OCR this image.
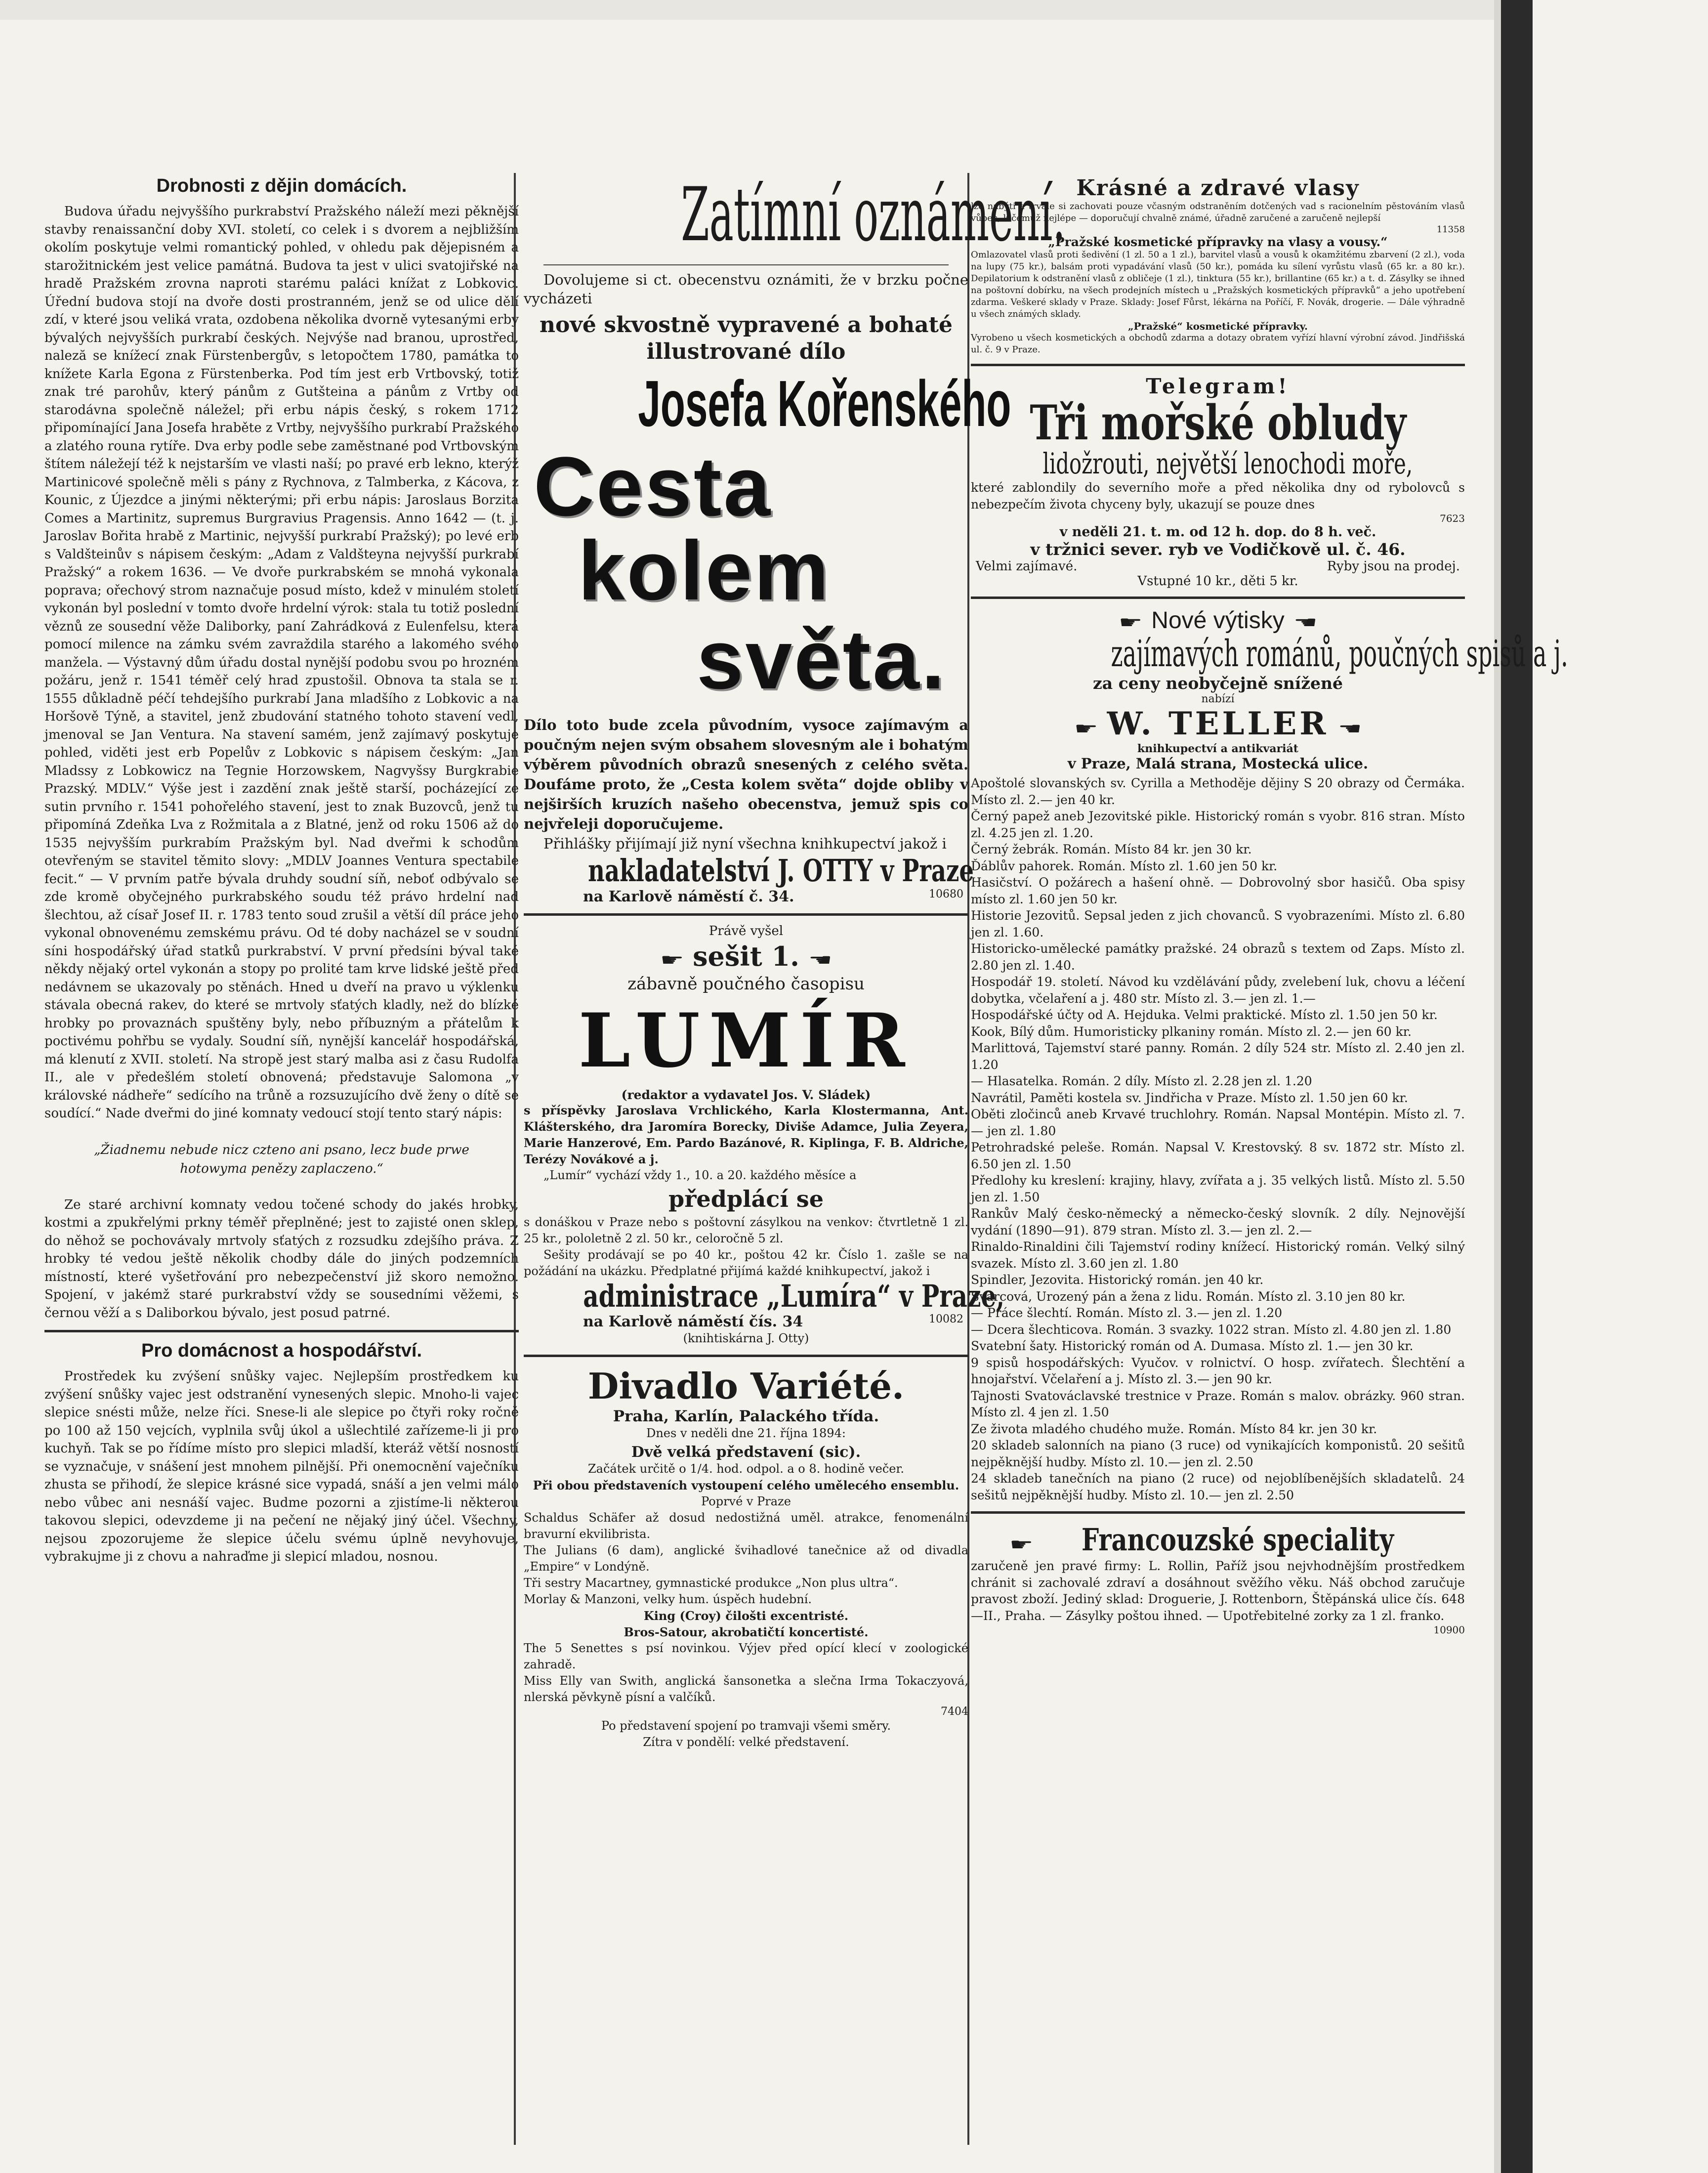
Drobnosti z dějin domácích.

Budova úřadu nejvyššího purkrabství Pražského náleží mezi pěknější stavby renaissanční doby XVI. století, co celek i s dvorem a nejbližším okolím poskytuje velmi romantický pohled, v ohledu pak dějepisném a starožitnickém jest velice památná. Budova ta jest v ulici svatojiřské na hradě Pražském zrovna naproti starému paláci knížat z Lobkovic. Úřední budova stojí na dvoře dosti prostranném, jenž se od ulice dělí zdí, v které jsou veliká vrata, ozdobena několika dvorně vytesanými erby bývalých nejvyšších purkrabí českých. Nejvýše nad branou, uprostřed, naleză se knížecí znak Fürstenbergův, s letopočtem 1780, památka to knížete Karla Egona z Fürstenberka. Pod tím jest erb Vrtbovský, totiž znak tré parohův, který pánům z Gutšteina a pánům z Vrtby od starodávna společně náležel; při erbu nápis český, s rokem 1712 připomínající Jana Josefa hraběte z Vrtby, nejvyššího purkrabí Pražského a zlatého rouna rytíře. Dva erby podle sebe zaměstnané pod Vrtbovským štítem náležejí též k nejstarším ve vlasti naší; po pravé erb lekno, kterýž Martinicové společně měli s pány z Rychnova, z Talmberka, z Kácova, z Kounic, z Újezdce a jinými některými; při erbu nápis: Jaroslaus Borzita Comes a Martinitz, supremus Burgravius Pragensis. Anno 1642 — (t. j. Jaroslav Bořita hrabě z Martinic, nejvyšší purkrabí Pražský); po levé erb s Valdšteinův s nápisem českým: „Adam z Valdšteyna nejvyšší purkrabí Pražský“ a rokem 1636. — Ve dvoře purkrabském se mnohá vykonala poprava; ořechový strom naznačuje posud místo, kdež v minulém století vykonán byl poslední v tomto dvoře hrdelní výrok: stala tu totiž poslední věznů ze sousední věže Daliborky, paní Zahrádková z Eulenfelsu, která pomocí milence na zámku svém zavraždila starého a lakomého svého manžela. — Výstavný dům úřadu dostal nynější podobu svou po hrozném požáru, jenž r. 1541 téměř celý hrad zpustošil. Obnova ta stala se r. 1555 důkladně péčí tehdejšího purkrabí Jana mladšího z Lobkovic a na Horšově Týně, a stavitel, jenž zbudování statného tohoto stavení vedl, jmenoval se Jan Ventura. Na stavení samém, jenž zajímavý poskytuje pohled, viděti jest erb Popelův z Lobkovic s nápisem českým: „Jan Mladssy z Lobkowicz na Tegnie Horzowskem, Nagvyšsy Burgkrabie Prazský. MDLV.“ Výše jest i zazdění znak ještě starší, pocházející ze sutin prvního r. 1541 pohořelého stavení, jest to znak Buzovců, jenž tu připomíná Zdeňka Lva z Rožmitala a z Blatné, jenž od roku 1506 až do 1535 nejvyšším purkrabím Pražským byl. Nad dveřmi k schodům otevřeným se stavitel těmito slovy: „MDLV Joannes Ventura spectabile fecit.“ — V prvním patře bývala druhdy soudní síň, neboť odbývalo se zde kromě obyčejného purkrabského soudu též právo hrdelní nad šlechtou, až císař Josef II. r. 1783 tento soud zrušil a větší díl práce jeho vykonal obnovenému zemskému právu. Od té doby nacházel se v soudní síni hospodářský úřad statků purkrabství. V první předsíni býval také někdy nějaký ortel vykonán a stopy po prolité tam krve lidské ještě před nedávnem se ukazovaly po stěnách. Hned u dveří na pravo u výklenku stávala obecná rakev, do které se mrtvoly sťatých kladly, než do blízké hrobky po provaznách spuštěny byly, nebo příbuzným a přátelům k poctivému pohřbu se vydaly. Soudní síň, nynější kancelář hospodářská, má klenutí z XVII. století. Na stropě jest starý malba asi z času Rudolfa II., ale v předešlém století obnovená; představuje Salomona „v královské nádheře“ sedícího na trůně a rozsuzujícího dvě ženy o dítě se soudící.“ Nade dveřmi do jiné komnaty vedoucí stojí tento starý nápis:

„Žiadnemu nebude nicz czteno ani psano, lecz bude prwe hotowyma penězy zaplaczeno.“

Ze staré archivní komnaty vedou točené schody do jakés hrobky, kostmi a zpukřelými prkny téměř přeplněné; jest to zajisté onen sklep, do něhož se pochovávaly mrtvoly sťatých z rozsudku zdejšího práva. Z hrobky té vedou ještě několik chodby dále do jiných podzemních místností, které vyšetřování pro nebezpečenství již skoro nemožno. Spojení, v jakémž staré purkrabství vždy se sousedními věžemi, s černou věží a s Daliborkou bývalo, jest posud patrné.

Pro domácnost a hospodářství.

Prostředek ku zvýšení snůšky vajec. Nejlepším prostředkem ku zvýšení snůšky vajec jest odstranění vynesených slepic. Mnoho-li vajec slepice snésti může, nelze říci. Snese-li ale slepice po čtyři roky ročně po 100 až 150 vejcích, vyplnila svůj úkol a ušlechtilé zařízeme-li ji pro kuchyň. Tak se po řídíme místo pro slepici mladší, kteráž větší nosností se vyznačuje, v snášení jest mnohem pilnější. Při onemocnění vaječníku zhusta se přihodí, že slepice krásné sice vypadá, snáší a jen velmi málo nebo vůbec ani nesnáší vajec. Budme pozorni a zjistíme-li některou takovou slepici, odevzdeme ji na pečení ne nějaký jiný účel. Všechny, nejsou zpozorujeme že slepice účelu svému úplně nevyhovuje, vybrakujme ji z chovu a nahraďme ji slepicí mladou, nosnou.

Zatímní oznámení.

Dovolujeme si ct. obecenstvu oznámiti, že v brzku počne vycházeti

nové skvostně vypravené a bohaté illustrované dílo

Josefa Kořenského
Cesta
kolem
světa.

Dílo toto bude zcela původním, vysoce zajímavým a poučným nejen svým obsahem slovesným ale i bohatým výběrem původních obrazů snesených z celého světa. Doufáme proto, že „Cesta kolem světa“ dojde obliby v nejširších kruzích našeho obecenstva, jemuž spis co nejvřeleji doporučujeme.

Přihlášky přijímají již nyní všechna knihkupectví jakož i

nakladatelství J. OTTY v Praze
na Karlově náměstí č. 34.	10680

Právě vyšel

☛ sešit 1. ☚

zábavně poučného časopisu

LUMÍR

(redaktor a vydavatel Jos. V. Sládek)

s příspěvky Jaroslava Vrchlického, Karla Klostermanna, Ant. Klášterského, dra Jaromíra Borecky, Diviše Adamce, Julia Zeyera, Marie Hanzerové, Em. Pardo Bazánové, R. Kiplinga, F. B. Aldriche, Terézy Novákové a j.

„Lumír“ vychází vždy 1., 10. a 20. každého měsíce a

předplácí se

s donáškou v Praze nebo s poštovní zásylkou na venkov: čtvrtletně 1 zl. 25 kr., pololetně 2 zl. 50 kr., celoročně 5 zl.

Sešity prodávají se po 40 kr., poštou 42 kr. Číslo 1. zašle se na požádání na ukázku. Předplatné přijímá každé knihkupectví, jakož i

administrace „Lumíra“ v Praze,
na Karlově náměstí čís. 34	10082

(knihtiskárna J. Otty)

Divadlo Variété.

Praha, Karlín, Palackého třída.

Dnes v neděli dne 21. října 1894:

Dvě velká představení (sic).

Začátek určitě o 1/4. hod. odpol. a o 8. hodině večer.

Při obou představeních vystoupení celého umělecého ensemblu.

Poprvé v Praze

Schaldus Schäfer až dosud nedostižná uměl. atrakce, fenomenální bravurní ekvilibrista.

The Julians (6 dam), anglické švihadlové tanečnice až od divadla „Empire“ v Londýně.

Tři sestry Macartney, gymnastické produkce „Non plus ultra“.

Morlay & Manzoni, velky hum. úspěch hudební.

King (Croy) čilošti excentristé.

Bros-Satour, akrobatičtí koncertisté.

The 5 Senettes s psí novinkou. Výjev před opící klecí v zoologické zahradě.

Miss Elly van Swith, anglická šansonetka a slečna Irma Tokaczyová, nlerská pěvkyně písní a valčíků.

7404

Po představení spojení po tramvaji všemi směry.

Zítra v pondělí: velké představení.

Krásné a zdravé vlasy

lze nabýti a trvale si zachovati pouze včasným odstraněním dotčených vad s racionelním pěstováním vlasů vůbec, k čemuž nejlépe — doporučují chvalně známé, úřadně zaručené a zaručeně nejlepší

11358

„Pražské kosmetické přípravky na vlasy a vousy.“

Omlazovatel vlasů proti šedivění (1 zl. 50 a 1 zl.), barvitel vlasů a vousů k okamžitému zbarvení (2 zl.), voda na lupy (75 kr.), balsám proti vypadávání vlasů (50 kr.), pomáda ku sílení vyrůstu vlasů (65 kr. a 80 kr.). Depilatorium k odstranění vlasů z obličeje (1 zl.), tinktura (55 kr.), brillantine (65 kr.) a t. d. Zásylky se ihned na poštovní dobírku, na všech prodejních místech u „Pražských kosmetických přípravků“ a jeho upotřebení zdarma. Veškeré sklady v Praze. Sklady: Josef Fůrst, lékárna na Poříčí, F. Novák, drogerie. — Dále výhradně u všech známých sklady.

„Pražské“ kosmetické přípravky.

Vyrobeno u všech kosmetických a obchodů zdarma a dotazy obratem vyřízí hlavní výrobní závod. Jindřišská ul. č. 9 v Praze.

Telegram!
Tři mořské obludy
lidožrouti, největší lenochodi moře,

které zablondily do severního moře a před několika dny od rybolovců s nebezpečím života chyceny byly, ukazují se pouze dnes

7623

v neděli 21. t. m. od 12 h. dop. do 8 h. več.

v tržnici sever. ryb ve Vodičkově ul. č. 46.

Velmi zajímavé.	Ryby jsou na prodej.

Vstupné 10 kr., děti 5 kr.

☛ Nové výtisky ☚
zajímavých románů, poučných spisů a j.

za ceny neobyčejně snížené

nabízí

☛ W. TELLER ☚

knihkupectví a antikvariát

v Praze, Malá strana, Mostecká ulice.

Apoštolé slovanských sv. Cyrilla a Methoděje dějiny S 20 obrazy od Čermáka. Místo zl. 2.— jen 40 kr.

Černý papež aneb Jezovitské pikle. Historický román s vyobr. 816 stran. Místo zl. 4.25 jen zl. 1.20.

Černý žebrák. Román. Místo 84 kr. jen 30 kr.

Ďáblův pahorek. Román. Místo zl. 1.60 jen 50 kr.

Hasičství. O požárech a hašení ohně. — Dobrovolný sbor hasičů. Oba spisy místo zl. 1.60 jen 50 kr.

Historie Jezovitů. Sepsal jeden z jich chovanců. S vyobrazeními. Místo zl. 6.80 jen zl. 1.60.

Historicko-umělecké památky pražské. 24 obrazů s textem od Zaps. Místo zl. 2.80 jen zl. 1.40.

Hospodář 19. století. Návod ku vzdělávání půdy, zvelebení luk, chovu a léčení dobytka, včelaření a j. 480 str. Místo zl. 3.— jen zl. 1.—

Hospodářské účty od A. Hejduka. Velmi praktické. Místo zl. 1.50 jen 50 kr.

Kook, Bílý dům. Humoristicky plkaniny román. Místo zl. 2.— jen 60 kr.

Marlittová, Tajemství staré panny. Román. 2 díly 524 str. Místo zl. 2.40 jen zl. 1.20

— Hlasatelka. Román. 2 díly. Místo zl. 2.28 jen zl. 1.20

Navrátil, Paměti kostela sv. Jindřicha v Praze. Místo zl. 1.50 jen 60 kr.

Oběti zločinců aneb Krvavé truchlohry. Román. Napsal Montépin. Místo zl. 7.— jen zl. 1.80

Petrohradské peleše. Román. Napsal V. Krestovský. 8 sv. 1872 str. Místo zl. 6.50 jen zl. 1.50

Předlohy ku kreslení: krajiny, hlavy, zvířata a j. 35 velkých listů. Místo zl. 5.50 jen zl. 1.50

Rankův Malý česko-německý a německo-český slovník. 2 díly. Nejnovější vydání (1890—91). 879 stran. Místo zl. 3.— jen zl. 2.—

Rinaldo-Rinaldini čili Tajemství rodiny knížecí. Historický román. Velký silný svazek. Místo zl. 3.60 jen zl. 1.80

Spindler, Jezovita. Historický román. jen 40 kr.

Svarcová, Urozený pán a žena z lidu. Román. Místo zl. 3.10 jen 80 kr.

— Práce šlechtí. Román. Místo zl. 3.— jen zl. 1.20

— Dcera šlechticova. Román. 3 svazky. 1022 stran. Místo zl. 4.80 jen zl. 1.80

Svatební šaty. Historický román od A. Dumasa. Místo zl. 1.— jen 30 kr.

9 spisů hospodářských: Vyučov. v rolnictví. O hosp. zvířatech. Šlechtění a hnojařství. Včelaření a j. Místo zl. 3.— jen 90 kr.

Tajnosti Svatováclavské trestnice v Praze. Román s malov. obrázky. 960 stran. Místo zl. 4 jen zl. 1.50

Ze života mladého chudého muže. Román. Místo 84 kr. jen 30 kr.

20 skladeb salonních na piano (3 ruce) od vynikajících komponistů. 20 sešitů nejpěknější hudby. Místo zl. 10.— jen zl. 2.50

24 skladeb tanečních na piano (2 ruce) od nejoblíbenějších skladatelů. 24 sešitů nejpěknější hudby. Místo zl. 10.— jen zl. 2.50

☛ Francouzské speciality

zaručeně jen pravé firmy: L. Rollin, Paříž jsou nejvhodnějším prostředkem chránit si zachovalé zdraví a dosáhnout svěžího věku. Náš obchod zaručuje pravost zboží. Jediný sklad: Droguerie, J. Rottenborn, Štěpánská ulice čís. 648—II., Praha. — Zásylky poštou ihned. — Upotřebitelné zorky za 1 zl. franko.

10900
